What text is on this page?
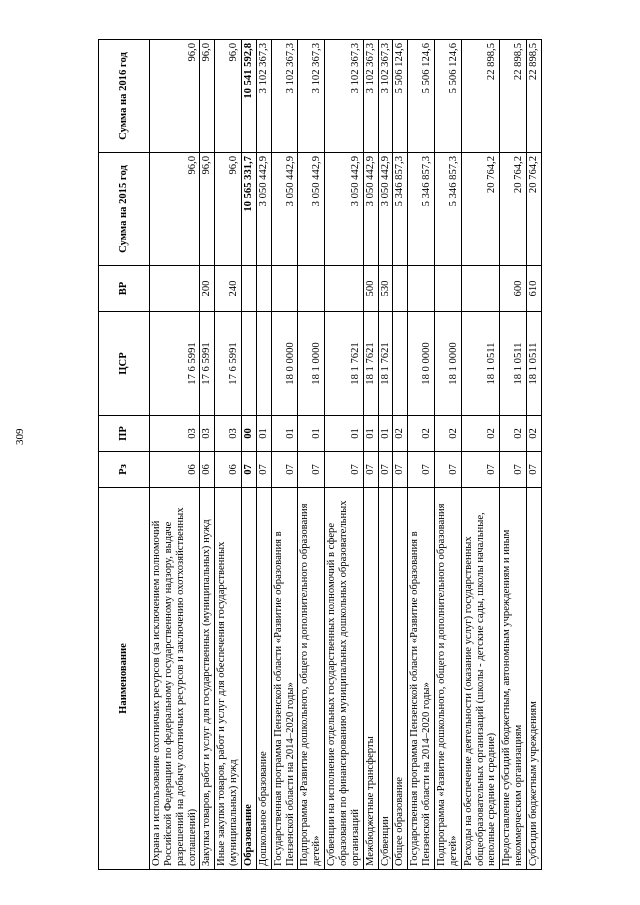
309
Наименование	Рз	ПР	ЦСР	ВР	Сумма на 2015 год	Сумма на 2016 год
Охрана и использование охотничьих ресурсов (за исключением полномочий Российской Федерации по федеральному государственному надзору, выдаче разрешений на добычу охотничьих ресурсов и заключению охотхозяйственных соглашений)	06	03	17 6 5991		96,0	96,0
Закупка товаров, работ и услуг для государственных (муниципальных) нужд	06	03	17 6 5991	200	96,0	96,0
Иные закупки товаров, работ и услуг для обеспечения государственных (муниципальных) нужд	06	03	17 6 5991	240	96,0	96,0
Образование	07	00			10 565 331,7	10 541 592,8
Дошкольное образование	07	01			3 050 442,9	3 102 367,3
Государственная программа Пензенской области «Развитие образования в Пензенской области на 2014–2020 годы»	07	01	18 0 0000		3 050 442,9	3 102 367,3
Подпрограмма «Развитие дошкольного, общего и дополнительного образования детей»	07	01	18 1 0000		3 050 442,9	3 102 367,3
Субвенции на исполнение отдельных государственных полномочий в сфере образования по финансированию муниципальных дошкольных образовательных организаций	07	01	18 1 7621		3 050 442,9	3 102 367,3
Межбюджетные трансферты	07	01	18 1 7621	500	3 050 442,9	3 102 367,3
Субвенции	07	01	18 1 7621	530	3 050 442,9	3 102 367,3
Общее образование	07	02			5 346 857,3	5 506 124,6
Государственная программа Пензенской области «Развитие образования в Пензенской области на 2014–2020 годы»	07	02	18 0 0000		5 346 857,3	5 506 124,6
Подпрограмма «Развитие дошкольного, общего и дополнительного образования детей»	07	02	18 1 0000		5 346 857,3	5 506 124,6
Расходы на обеспечение деятельности (оказание услуг) государственных общеобразовательных организаций (школы - детские сады, школы начальные, неполные средние и средние)	07	02	18 1 0511		20 764,2	22 898,5
Предоставление субсидий бюджетным, автономным учреждениям и иным некоммерческим организациям	07	02	18 1 0511	600	20 764,2	22 898,5
Субсидии бюджетным учреждениям	07	02	18 1 0511	610	20 764,2	22 898,5
